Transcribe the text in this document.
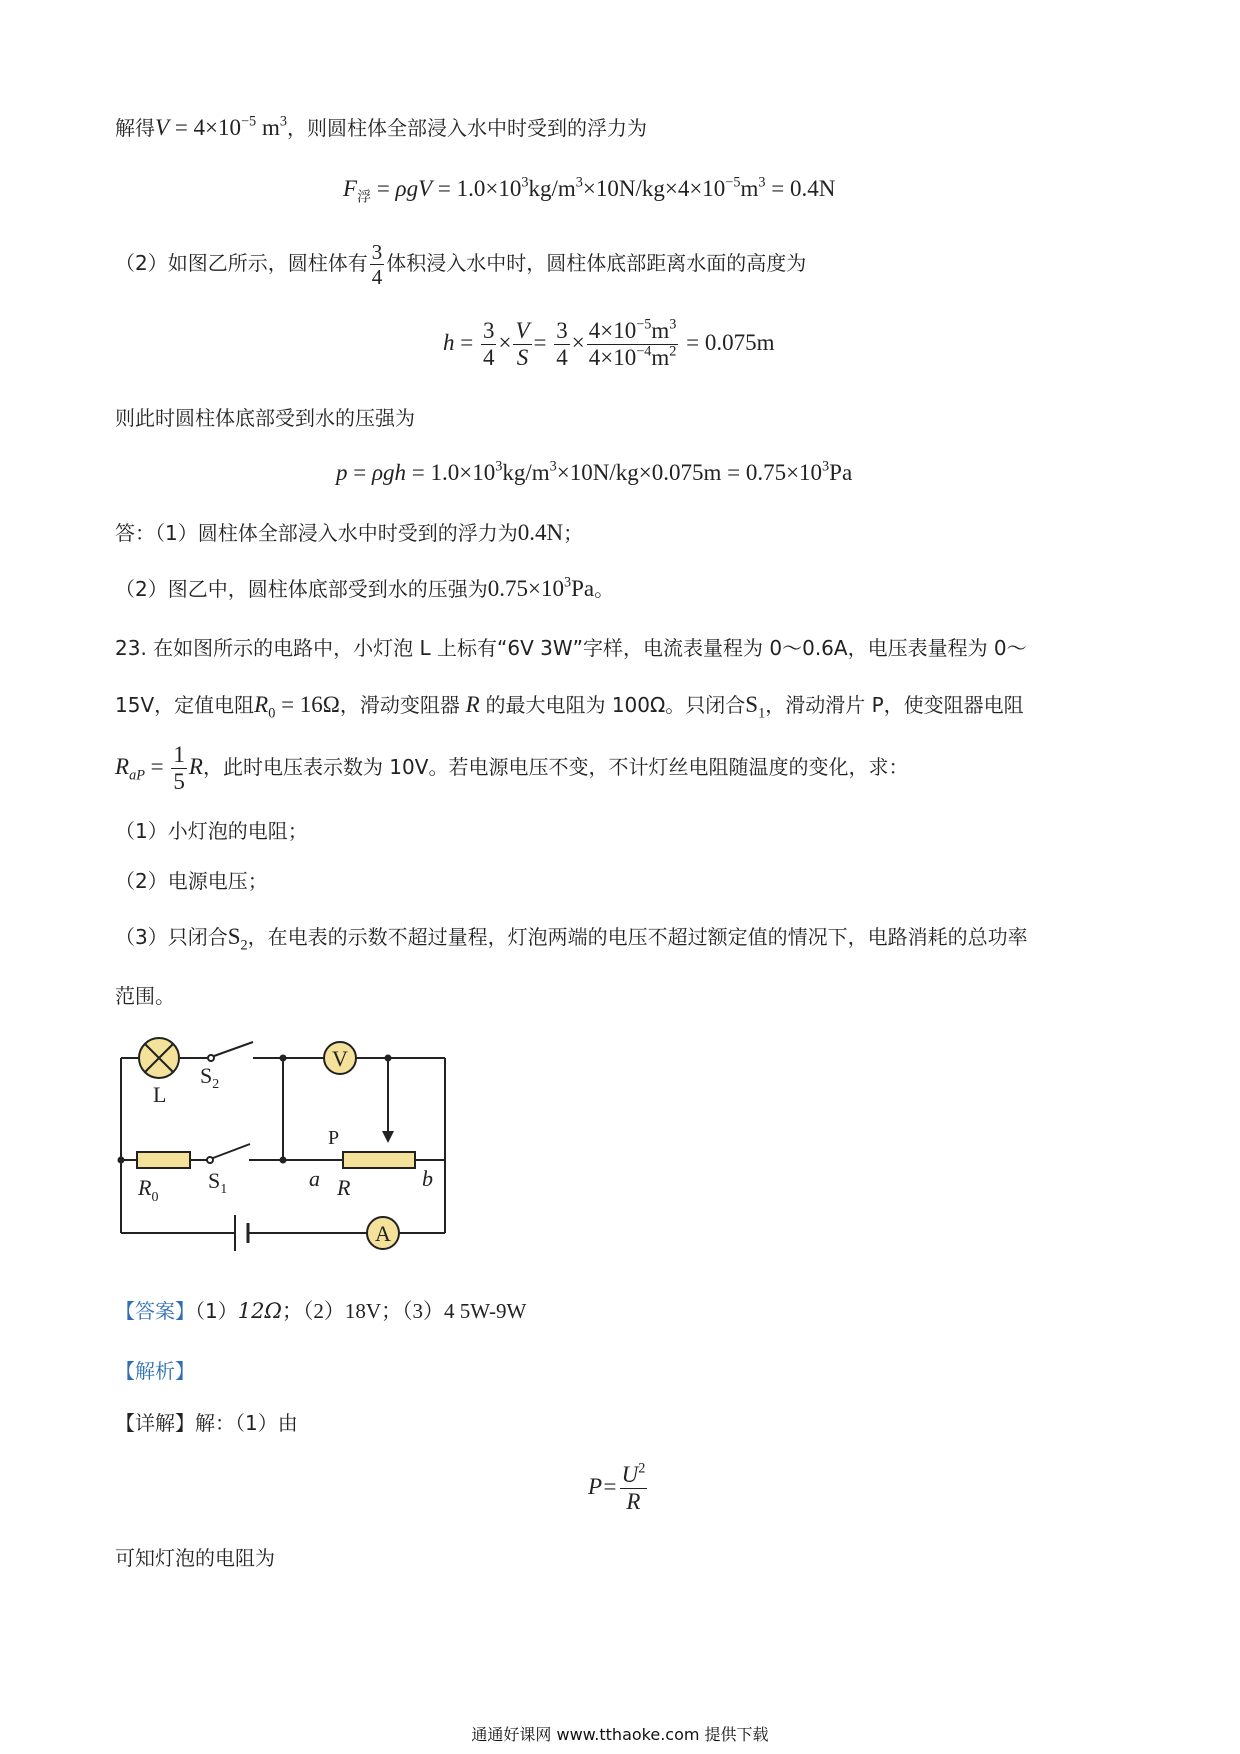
解得$V = 4\times 10^{-5}$ $m^3$，则圆柱体全部浸入水中时受到的浮力为
$F_浮 = \rho gV = 1.0\times 10^3kg/m^3\times 10N/kg\times 4\times 10^{-5}m^3 = 0.4N$
（2）如图乙所示，圆柱体有 $\frac{3}{4}$ 体积浸入水中时，圆柱体底部距离水面的高度为
$h = \frac{3}{4} \times \frac{V}{S} = \frac{3}{4} \times \frac{4\times 10^{-5}m^3}{4\times 10^{-4}m^2} = 0.075m$
则此时圆柱体底部受到水的压强为
$p = \rho gh = 1.0\times 10^3kg/m^3\times 10N/kg\times 0.075m = 0.75\times 10^3Pa$
答：（1）圆柱体全部浸入水中时受到的浮力为0.4N；
（2）图乙中，圆柱体底部受到水的压强为$0.75\times 10^3Pa$。
23. 在如图所示的电路中，小灯泡 L 上标有“6V 3W”字样，电流表量程为 0～0.6A，电压表量程为 0～
15V，定值电阻$R_0 = 16\Omega$，滑动变阻器 R 的最大电阻为 100Ω。只闭合$S_1$，滑动滑片 P，使变阻器电阻
$R_{aP} = \frac{1}{5}$ R，此时电压表示数为 10V。若电源电压不变，不计灯丝电阻随温度的变化，求：
（1）小灯泡的电阻；
（2）电源电压；
（3）只闭合$S_2$，在电表的示数不超过量程，灯泡两端的电压不超过额定值的情况下，电路消耗的总功率
范围。
L
$S_2$
V
P
$R_0$
$S_1$	a R	b
A
【答案】（1）12Ω；（2）18V；（3）4 5W-9W
【解析】
【详解】解：（1）由
$P= \frac{U^2}{R}$
可知灯泡的电阻为
通通好课网 www.tthaoke.com 提供下载
